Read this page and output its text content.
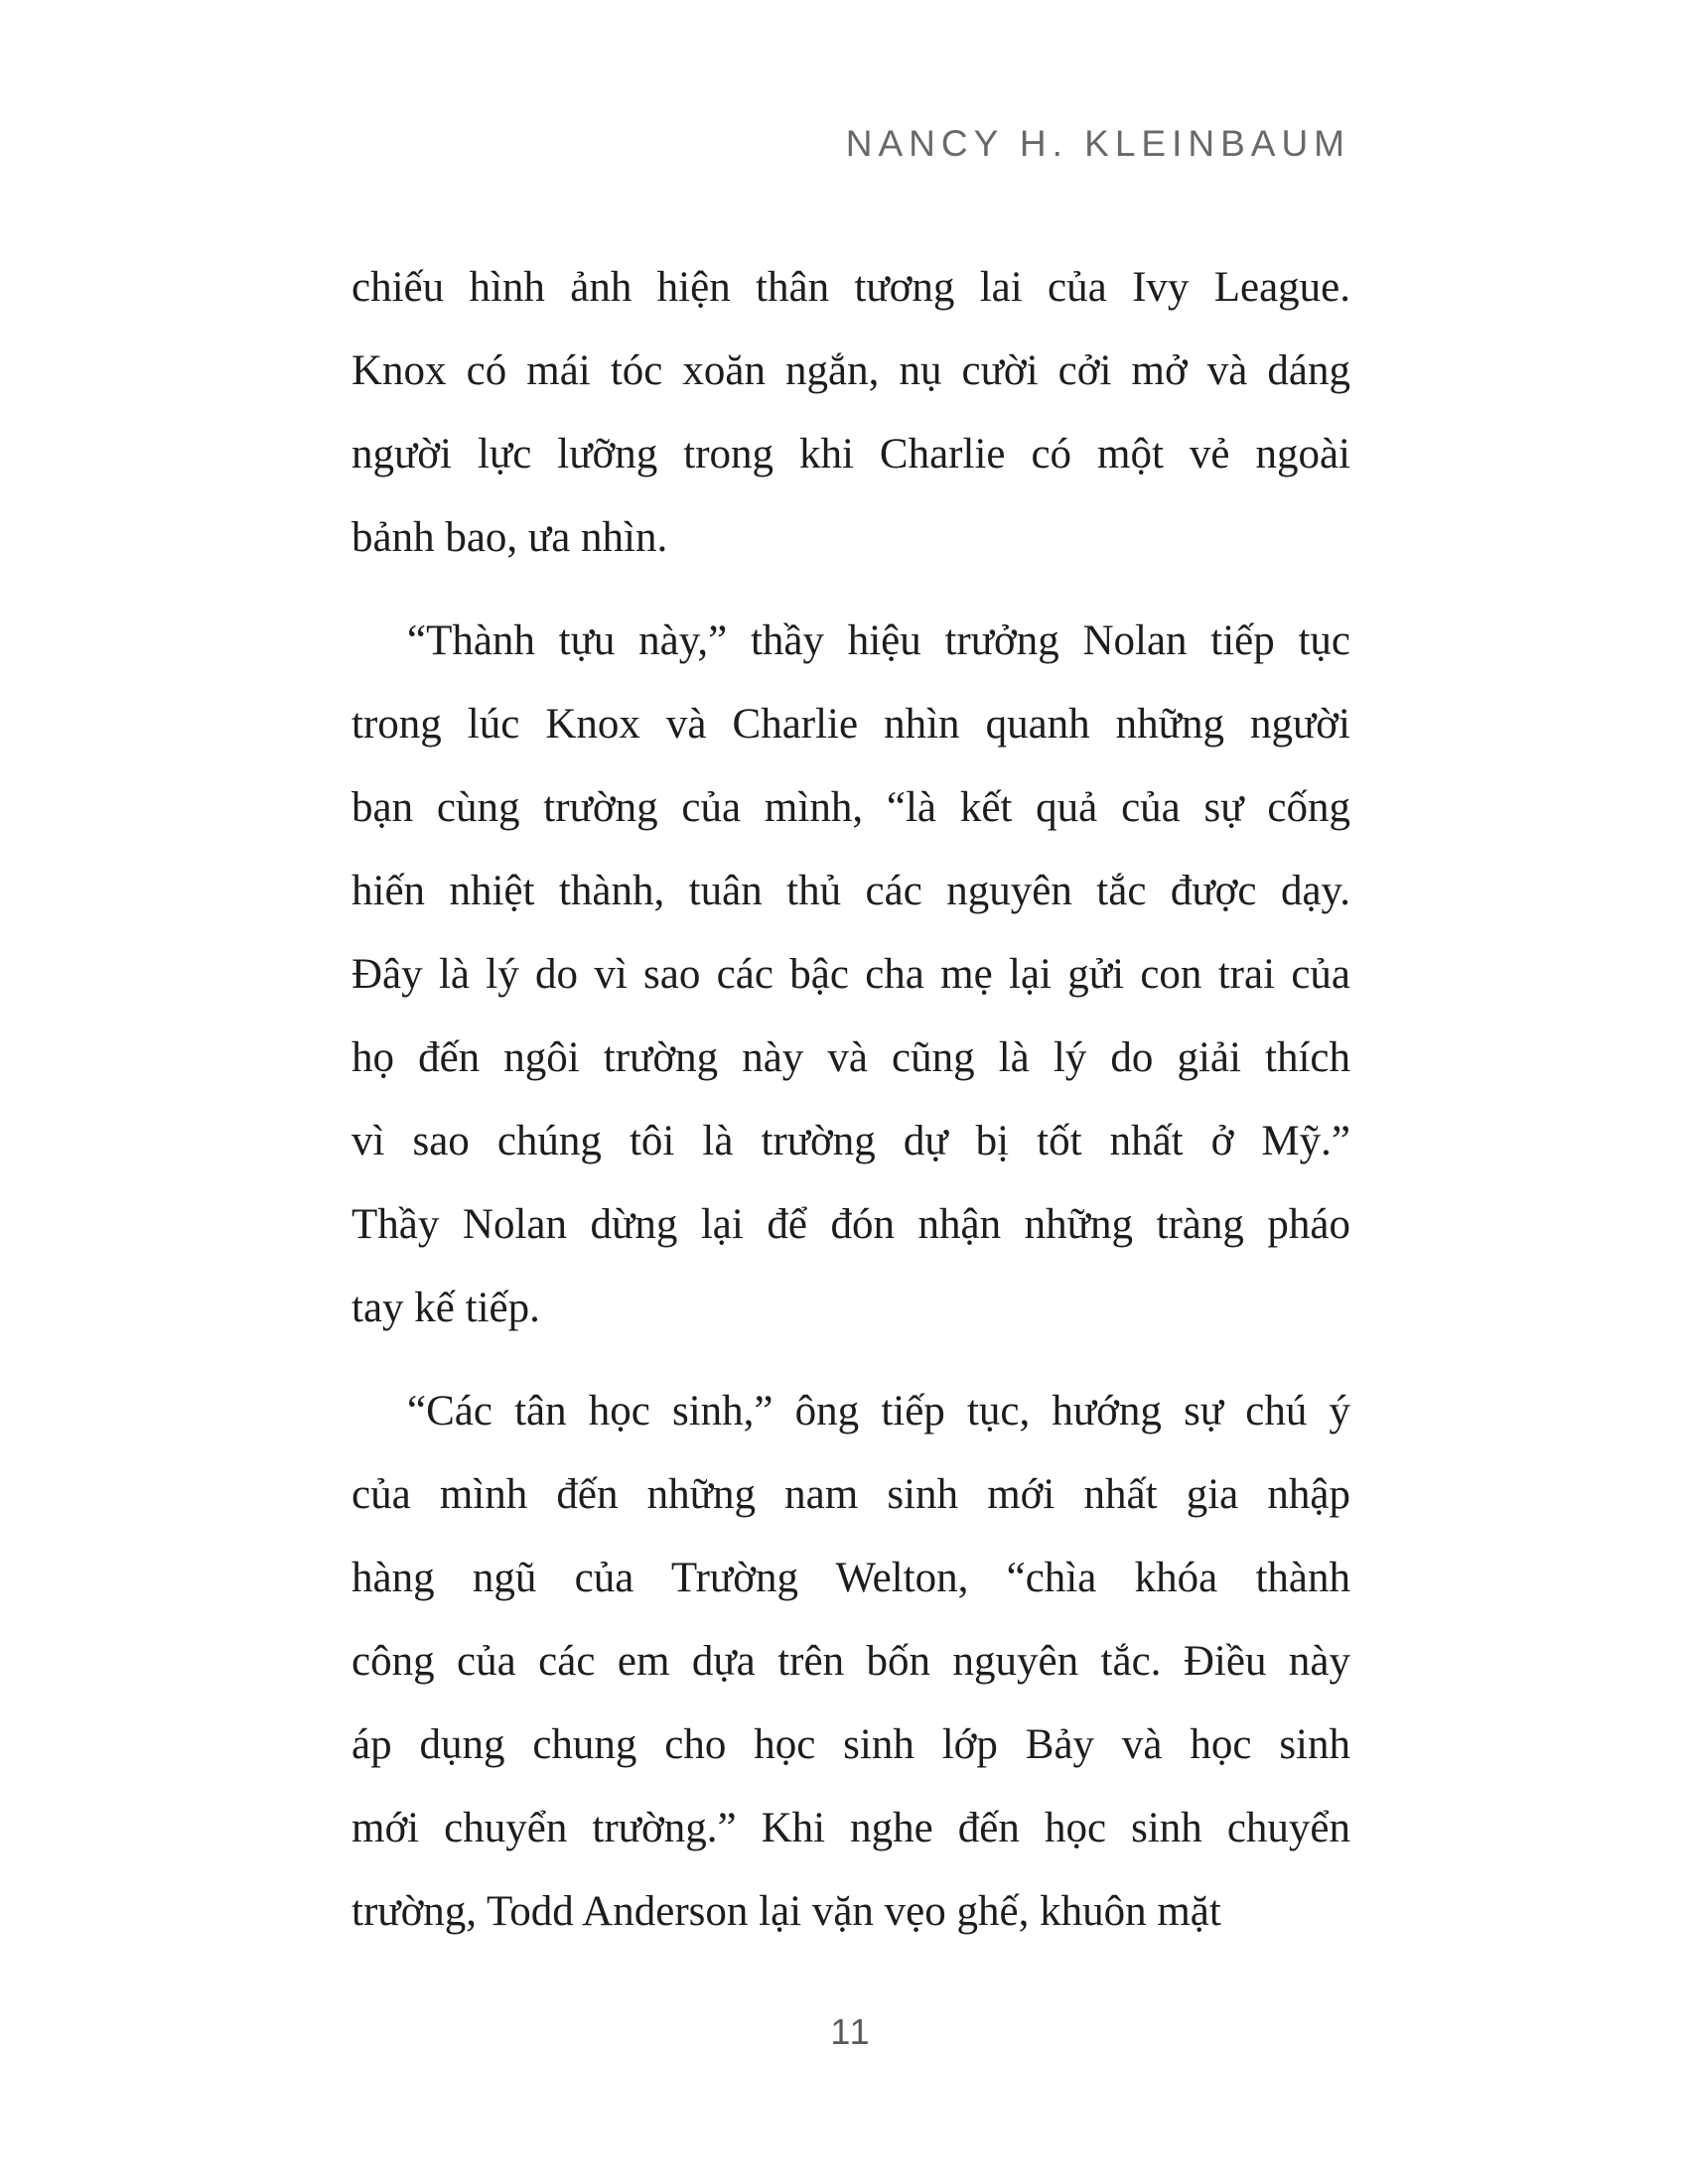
NANCY H. KLEINBAUM
chiếu hình ảnh hiện thân tương lai của Ivy League.
Knox có mái tóc xoăn ngắn, nụ cười cởi mở và dáng
người lực lưỡng trong khi Charlie có một vẻ ngoài
bảnh bao, ưa nhìn.
“Thành tựu này,” thầy hiệu trưởng Nolan tiếp tục
trong lúc Knox và Charlie nhìn quanh những người
bạn cùng trường của mình, “là kết quả của sự cống
hiến nhiệt thành, tuân thủ các nguyên tắc được dạy.
Đây là lý do vì sao các bậc cha mẹ lại gửi con trai của
họ đến ngôi trường này và cũng là lý do giải thích
vì sao chúng tôi là trường dự bị tốt nhất ở Mỹ.”
Thầy Nolan dừng lại để đón nhận những tràng pháo
tay kế tiếp.
“Các tân học sinh,” ông tiếp tục, hướng sự chú ý
của mình đến những nam sinh mới nhất gia nhập
hàng ngũ của Trường Welton, “chìa khóa thành
công của các em dựa trên bốn nguyên tắc. Điều này
áp dụng chung cho học sinh lớp Bảy và học sinh
mới chuyển trường.” Khi nghe đến học sinh chuyển
trường, Todd Anderson lại vặn vẹo ghế, khuôn mặt
11
